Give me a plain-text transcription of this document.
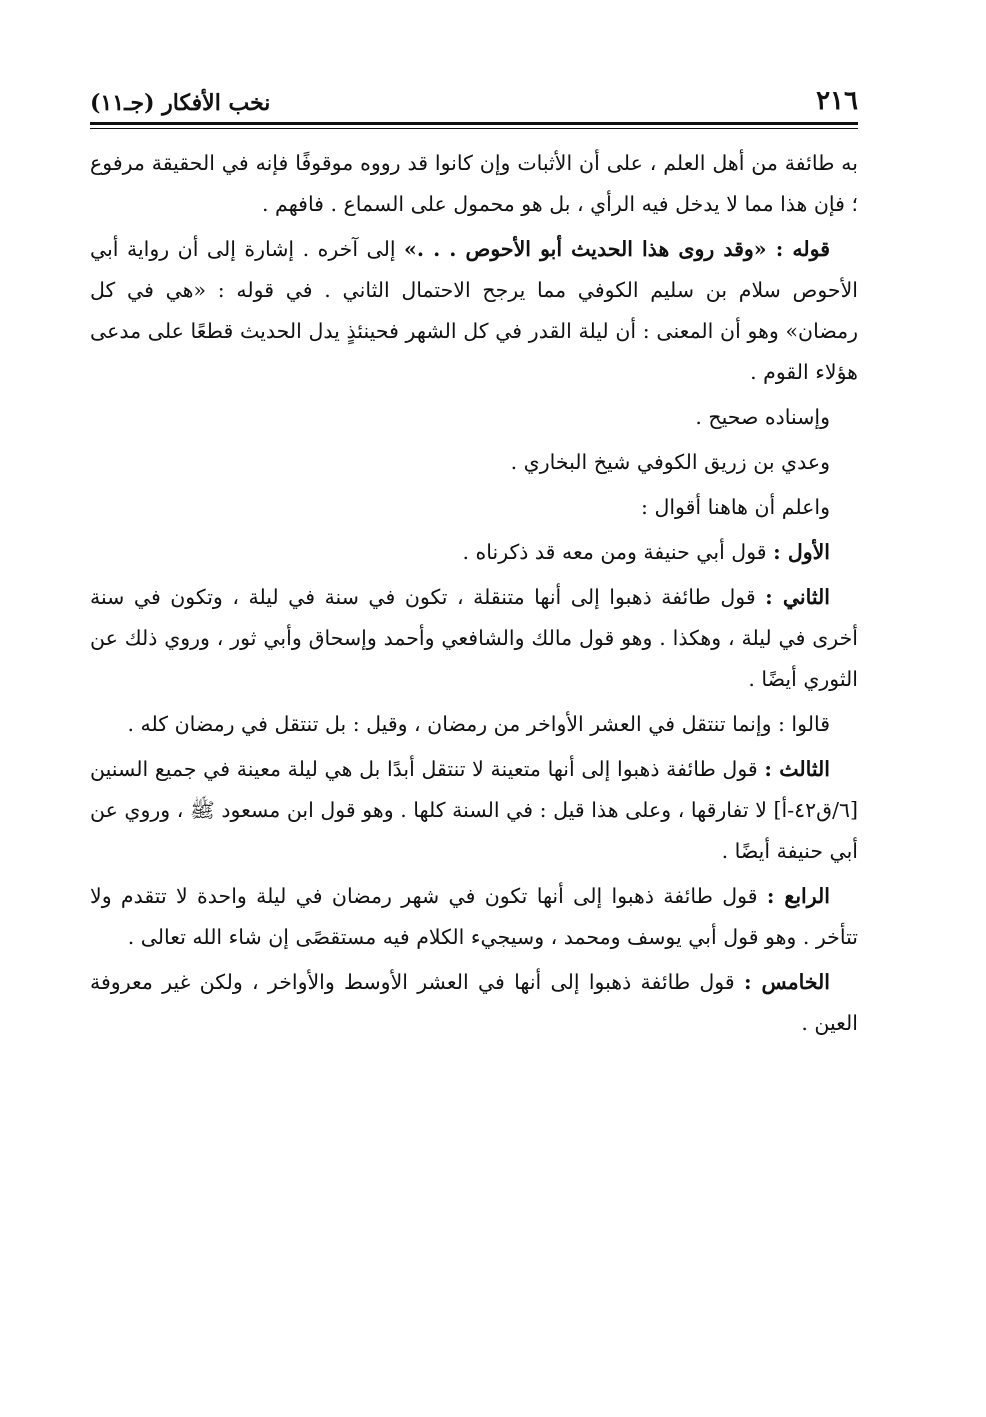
٢١٦
نخب الأفكار (جـ١١)

به طائفة من أهل العلم ، على أن الأثبات وإن كانوا قد رووه موقوفًا فإنه في الحقيقة مرفوع ؛ فإن هذا مما لا يدخل فيه الرأي ، بل هو محمول على السماع . فافهم .

قوله : «وقد روى هذا الحديث أبو الأحوص . . .» إلى آخره . إشارة إلى أن رواية أبي الأحوص سلام بن سليم الكوفي مما يرجح الاحتمال الثاني . في قوله : «هي في كل رمضان» وهو أن المعنى : أن ليلة القدر في كل الشهر فحينئذٍ يدل الحديث قطعًا على مدعى هؤلاء القوم .

وإسناده صحيح .

وعدي بن زريق الكوفي شيخ البخاري .

واعلم أن هاهنا أقوال :

الأول : قول أبي حنيفة ومن معه قد ذكرناه .

الثاني : قول طائفة ذهبوا إلى أنها متنقلة ، تكون في سنة في ليلة ، وتكون في سنة أخرى في ليلة ، وهكذا . وهو قول مالك والشافعي وأحمد وإسحاق وأبي ثور ، وروي ذلك عن الثوري أيضًا .

قالوا : وإنما تنتقل في العشر الأواخر من رمضان ، وقيل : بل تنتقل في رمضان كله .

الثالث : قول طائفة ذهبوا إلى أنها متعينة لا تنتقل أبدًا بل هي ليلة معينة في جميع السنين [٦/ق٤٢-أ] لا تفارقها ، وعلى هذا قيل : في السنة كلها . وهو قول ابن مسعود ﷺ ، وروي عن أبي حنيفة أيضًا .

الرابع : قول طائفة ذهبوا إلى أنها تكون في شهر رمضان في ليلة واحدة لا تتقدم ولا تتأخر . وهو قول أبي يوسف ومحمد ، وسيجيء الكلام فيه مستقصًى إن شاء الله تعالى .

الخامس : قول طائفة ذهبوا إلى أنها في العشر الأوسط والأواخر ، ولكن غير معروفة العين .
